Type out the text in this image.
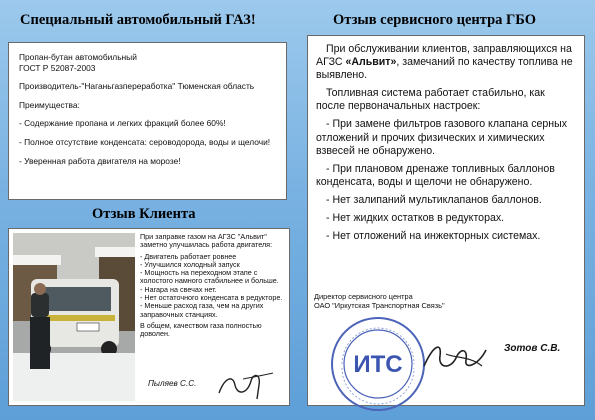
Специальный автомобильный ГАЗ!	Отзыв сервисного центра ГБО

Пропан-бутан автомобильный

ГОСТ Р 52087-2003

Производитель-"Наганьгазпереработка" Тюменская область

Преимущества:

- Содержание пропана и легких фракций более 60%!

- Полное отсутствие конденсата: сероводорода, воды и щелочи!

- Уверенная работа двигателя на морозе!

При обслуживании клиентов, заправляющихся на АГЗС «Альвит», замечаний по качеству топлива не выявлено.

Топливная система работает стабильно, как после первоначальных настроек:

- При замене фильтров газового клапана серных отложений и прочих физических и химических взвесей не обнаружено.

- При плановом дренаже топливных баллонов конденсата, воды и щелочи не обнаружено.

- Нет залипаний мультиклапанов баллонов.

- Нет жидких остатков в редукторах.

- Нет отложений на инжекторных системах.

Директор сервисного центра
ОАО "Иркутская Транспортная Связь"
ИТС
Зотов С.В.
Отзыв Клиента

При заправке газом на АГЗС "Альвит" заметно улучшилась работа двигателя:

- Двигатель работает ровнее

- Улучшился холодный запуск

- Мощность на переходном этапе с холостого намного стабильнее и больше.

- Нагара на свечах нет.

- Нет остаточного конденсата в редукторе.

- Меньше расход газа, чем на других заправочных станциях.

В общем, качеством газа полностью доволен.

Пыляев С.С.
